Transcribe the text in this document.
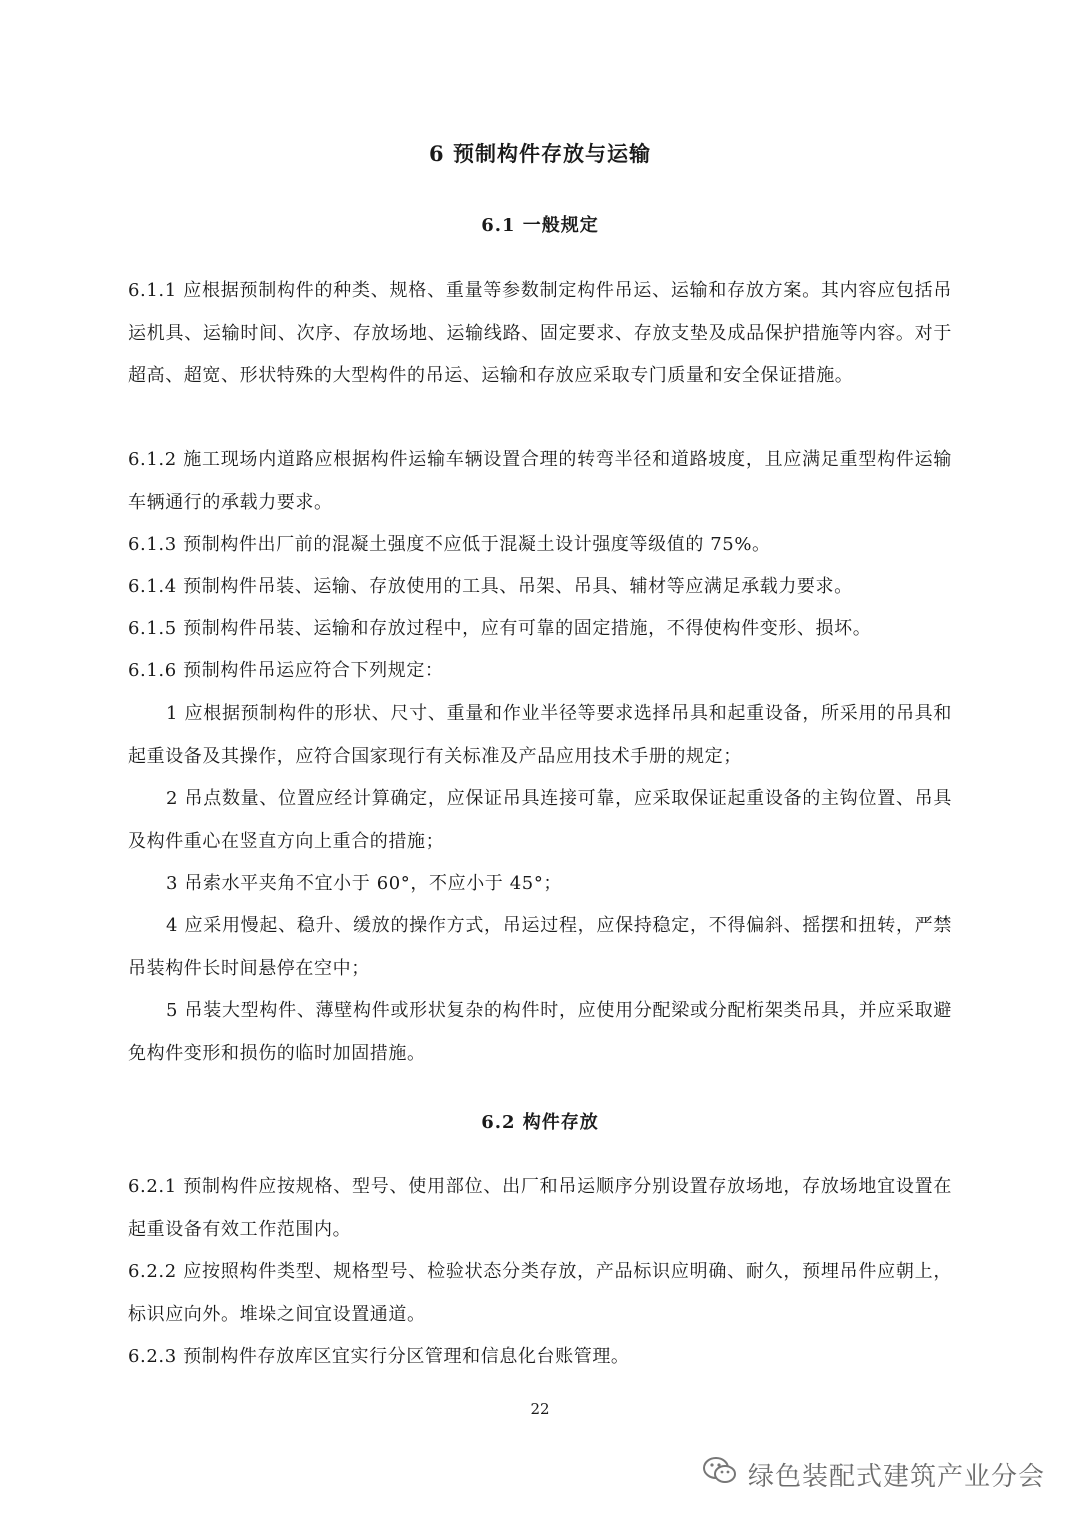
6 预制构件存放与运输
6.1 一般规定

6.1.1 应根据预制构件的种类、规格、重量等参数制定构件吊运、运输和存放方案。其内容应包括吊运机具、运输时间、次序、存放场地、运输线路、固定要求、存放支垫及成品保护措施等内容。对于超高、超宽、形状特殊的大型构件的吊运、运输和存放应采取专门质量和安全保证措施。

6.1.2 施工现场内道路应根据构件运输车辆设置合理的转弯半径和道路坡度，且应满足重型构件运输车辆通行的承载力要求。

6.1.3 预制构件出厂前的混凝土强度不应低于混凝土设计强度等级值的 75%。

6.1.4 预制构件吊装、运输、存放使用的工具、吊架、吊具、辅材等应满足承载力要求。

6.1.5 预制构件吊装、运输和存放过程中，应有可靠的固定措施，不得使构件变形、损坏。

6.1.6 预制构件吊运应符合下列规定：

1 应根据预制构件的形状、尺寸、重量和作业半径等要求选择吊具和起重设备，所采用的吊具和起重设备及其操作，应符合国家现行有关标准及产品应用技术手册的规定；

2 吊点数量、位置应经计算确定，应保证吊具连接可靠，应采取保证起重设备的主钩位置、吊具及构件重心在竖直方向上重合的措施；

3 吊索水平夹角不宜小于 60°，不应小于 45°；

4 应采用慢起、稳升、缓放的操作方式，吊运过程，应保持稳定，不得偏斜、摇摆和扭转，严禁吊装构件长时间悬停在空中；

5 吊装大型构件、薄壁构件或形状复杂的构件时，应使用分配梁或分配桁架类吊具，并应采取避免构件变形和损伤的临时加固措施。

6.2 构件存放

6.2.1 预制构件应按规格、型号、使用部位、出厂和吊运顺序分别设置存放场地，存放场地宜设置在起重设备有效工作范围内。

6.2.2 应按照构件类型、规格型号、检验状态分类存放，产品标识应明确、耐久，预埋吊件应朝上，标识应向外。堆垛之间宜设置通道。

6.2.3 预制构件存放库区宜实行分区管理和信息化台账管理。

22
绿色装配式建筑产业分会
